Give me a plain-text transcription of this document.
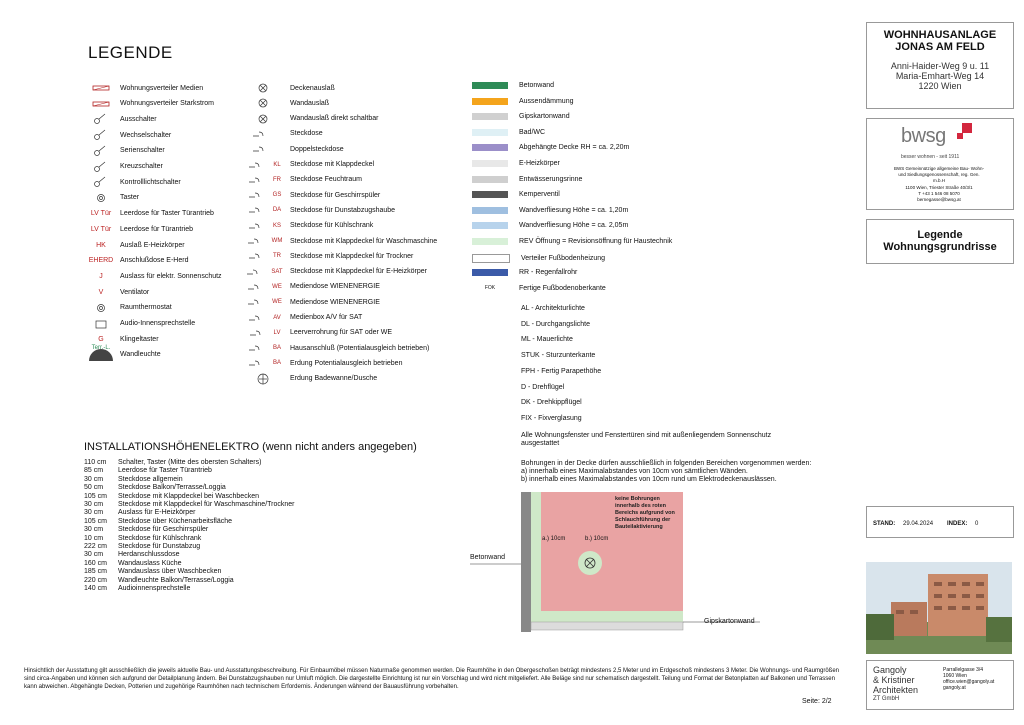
LEGENDE
Wohnungsverteiler Medien
Wohnungsverteiler Starkstrom
Ausschalter
Wechselschalter
Serienschalter
Kreuzschalter
Kontrolllichtschalter
Taster
LV Tür	Leerdose für Taster Türantrieb
LV Tür	Leerdose für Türantrieb
HK	Auslaß E-Heizkörper
EHERD Anschlußdose E-Herd
J	Auslass für elektr. Sonnenschutz
V	Ventilator
Raumthermostat
Audio-Innensprechstelle
G	Klingeltaster
Terr.-L.
Wandleuchte
Deckenauslaß
Wandauslaß
Wandauslaß direkt schaltbar
Steckdose
Doppelsteckdose
KL Steckdose mit Klappdeckel
FR Steckdose Feuchtraum
GS Steckdose für Geschirrspüler
DA Steckdose für Dunstabzugshaube
KS Steckdose für Kühlschrank
WM Steckdose mit Klappdeckel für Waschmaschine
TR Steckdose mit Klappdeckel für Trockner
SAT Steckdose mit Klappdeckel für E-Heizkörper
WE Mediendose WIENENERGIE
WE Mediendose WIENENERGIE
AV Medienbox A/V für SAT
LV Leerverrohrung für SAT oder WE
BA Hausanschluß (Potentialausgleich betrieben)
BA Erdung Potentialausgleich betrieben
Erdung Badewanne/Dusche
Betonwand
Aussendämmung
Gipskartonwand
Bad/WC
Abgehängte Decke RH = ca. 2,20m
E-Heizkörper
Entwässerungsrinne
Kemperventil
Wandverfliesung Höhe = ca. 1,20m
Wandverfliesung Höhe = ca. 2,05m
REV Öffnung = Revisionsöffnung für Haustechnik
Verteiler Fußbodenheizung
RR - Regenfallrohr
FOK	Fertige Fußbodenoberkante
AL - Architekturlichte
DL - Durchgangslichte
ML - Mauerlichte
STUK - Sturzunterkante
FPH - Fertig Parapethöhe
D - Drehflügel
DK - Drehkippflügel
FIX - Fixverglasung
Alle Wohnungsfenster und Fenstertüren sind mit außenliegendem Sonnenschutz ausgestattet
Bohrungen in der Decke dürfen ausschließlich in folgenden Bereichen vorgenommen werden:
a) innerhalb eines Maximalabstandes von 10cm von sämtlichen Wänden.
b) innerhalb eines Maximalabstandes von 10cm rund um Elektrodeckenauslässen.
a.) 10cm	b.) 10cm
keine Bohrungen innerhalb des roten Bereichs aufgrund von Schlauchführung der Bauteilaktivierung
Betonwand
Gipskartonwand
INSTALLATIONSHÖHENELEKTRO (wenn nicht anders angegeben)
110 cm	Schalter, Taster (Mitte des obersten Schalters)
85 cm	Leerdose für Taster Türantrieb
30 cm	Steckdose allgemein
50 cm	Steckdose Balkon/Terrasse/Loggia
105 cm	Steckdose mit Klappdeckel bei Waschbecken
30 cm	Steckdose mit Klappdeckel für Waschmaschine/Trockner
30 cm	Auslass für E-Heizkörper
105 cm	Steckdose über Küchenarbeitsfläche
30 cm	Steckdose für Geschirrspüler
10 cm	Steckdose für Kühlschrank
222 cm	Steckdose für Dunstabzug
30 cm	Herdanschlussdose
160 cm	Wandauslass Küche
185 cm	Wandauslass über Waschbecken
220 cm	Wandleuchte Balkon/Terrasse/Loggia
140 cm	Audioinnensprechstelle
Hinsichtlich der Ausstattung gilt ausschließlich die jeweils aktuelle Bau- und Ausstattungsbeschreibung. Für Einbaumöbel müssen Naturmaße genommen werden. Die Raumhöhe in den Obergeschoßen beträgt mindestens 2,5 Meter und im Erdgeschoß mindestens 3 Meter. Die Wohnungs- und Raumgrößen sind circa-Angaben und können sich aufgrund der Detailplanung ändern. Bei Dunstabzugshauben nur Umluft möglich. Die dargestellte Einrichtung ist nur ein Vorschlag und wird nicht mitgeliefert. Alle Beläge sind nur schematisch dargestellt. Teilung und Format der Betonplatten auf Balkonen und Terrassen kann abweichen. Abgehängte Decken, Potterien und zugehörige Raumhöhen nach technischem Erfordernis. Änderungen während der Bauausführung vorbehalten.
Seite: 2/2
WOHNHAUSANLAGE
JONAS AM FELD
Anni-Haider-Weg 9 u. 11
Maria-Emhart-Weg 14
1220 Wien
bwsg
besser wohnen - seit 1911
BWS Gemeinnützige allgemeine Bau- Wohn- und Siedlungsgenossenschaft, reg. Gen. m.b.H
1100 Wien, Triester Straße 40/3/1
T +43 1 546 08 5070
bernegasse@bwsg.at
Legende
Wohnungsgrundrisse
STAND: 29.04.2024 INDEX: 0
Gangoly
& Kristiner
Architekten
ZT GmbH
Parrallelgasse 3/4
1060 Wien
office.wien@gangoly.at
gangoly.at
